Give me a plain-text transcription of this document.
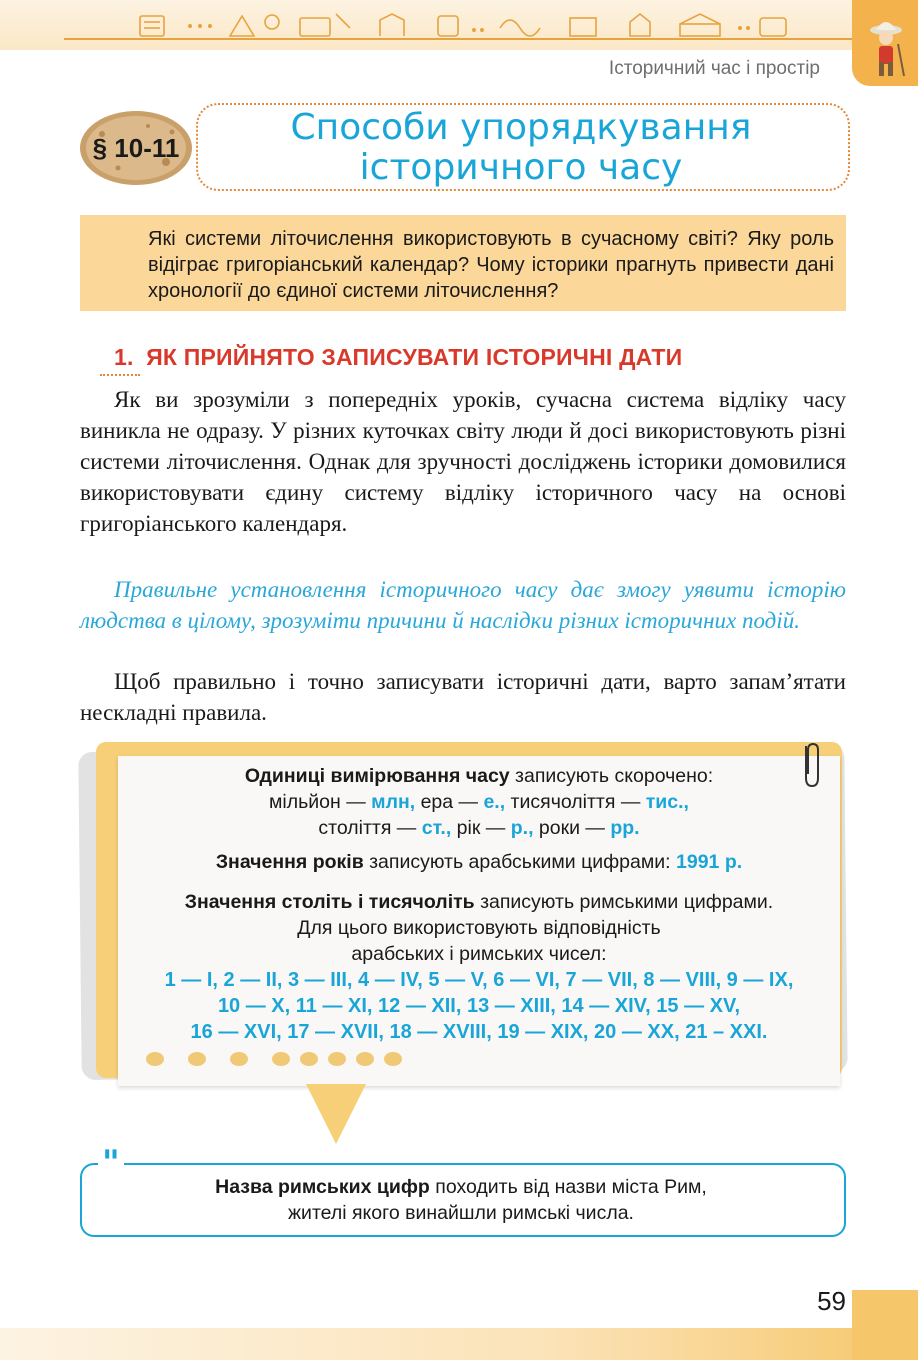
Історичний час і простір
§ 10-11	Способи упорядкування
історичного часу
Які системи літочислення використовують в сучасному світі? Яку роль відіграє григоріанський календар? Чому історики прагнуть привести дані хронології до єдиної системи літочислення?
1. ЯК ПРИЙНЯТО ЗАПИСУВАТИ ІСТОРИЧНІ ДАТИ
Як ви зрозуміли з попередніх уроків, сучасна система відліку часу виникла не одразу. У різних куточках світу люди й досі використовують різні системи літочислення. Однак для зручності досліджень історики домовилися використовувати єдину систему відліку історичного часу на основі григоріанського календаря.
Правильне установлення історичного часу дає змогу уявити історію людства в цілому, зрозуміти причини й наслідки різних історичних подій.
Щоб правильно і точно записувати історичні дати, варто запам’ятати нескладні правила.
Одиниці вимірювання часу записують скорочено:
мільйон — млн, ера — е., тисячоліття — тис.,
століття — ст., рік — р., роки — рр.
Значення років записують арабськими цифрами: 1991 р.
Значення століть і тисячоліть записують римськими цифрами.
Для цього використовують відповідність
арабських і римських чисел:
1 — I, 2 — II, 3 — III, 4 — IV, 5 — V, 6 — VI, 7 — VII, 8 — VIII, 9 — IX,
10 — X, 11 — XI, 12 — XII, 13 — XIII, 14 — XIV, 15 — XV,
16 — XVI, 17 — XVII, 18 — XVIII, 19 — XIX, 20 — XX, 21 – XXI.
"
Назва римських цифр походить від назви міста Рим,
жителі якого винайшли римські числа.
59
